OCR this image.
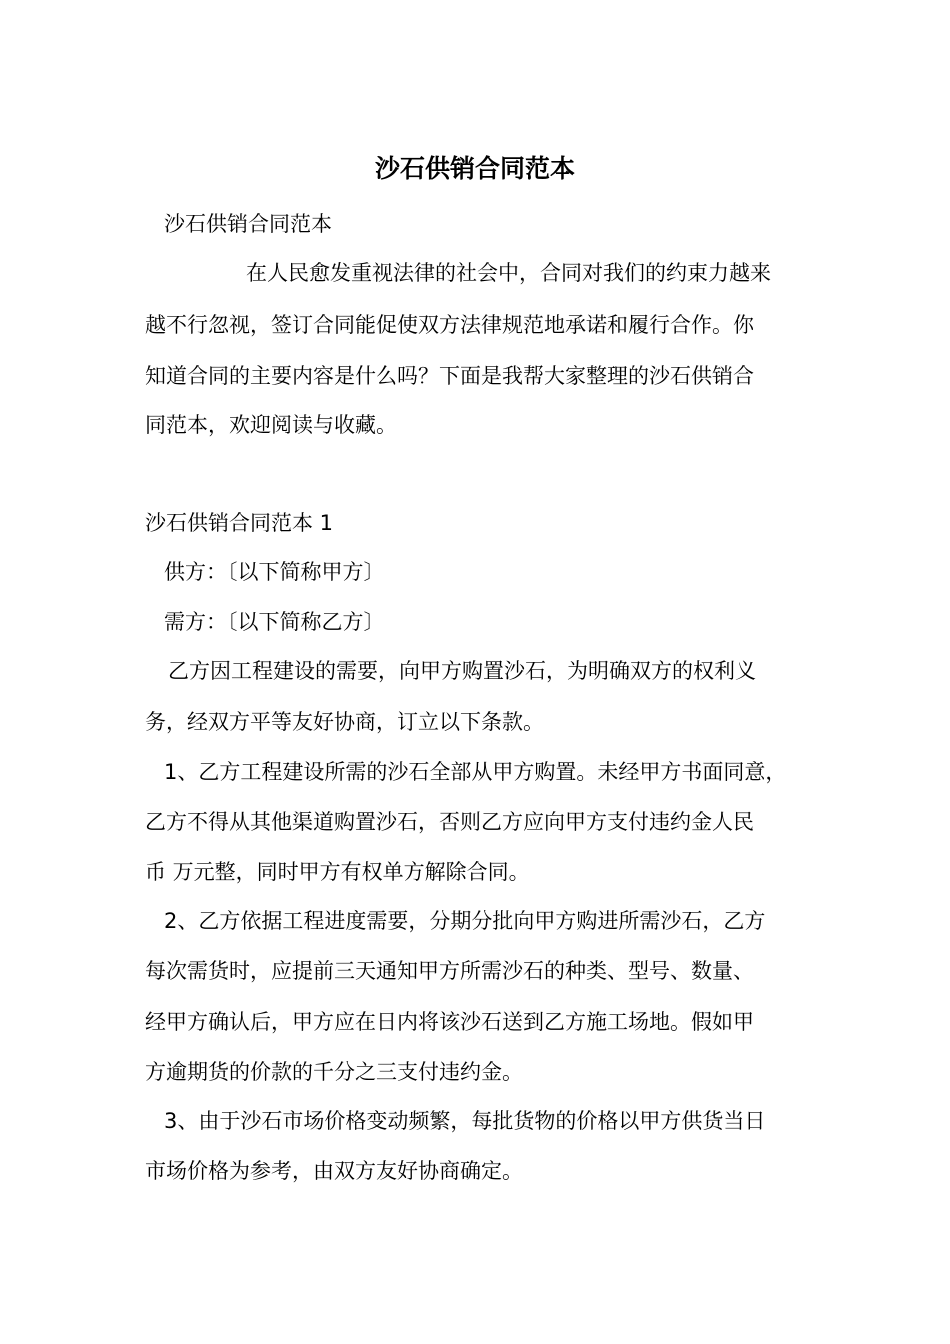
沙石供销合同范本
沙石供销合同范本
在人民愈发重视法律的社会中，合同对我们的约束力越来
越不行忽视，签订合同能促使双方法律规范地承诺和履行合作。你
知道合同的主要内容是什么吗？下面是我帮大家整理的沙石供销合
同范本，欢迎阅读与收藏。
沙石供销合同范本 1
供方：〔以下简称甲方〕
需方：〔以下简称乙方〕
乙方因工程建设的需要，向甲方购置沙石，为明确双方的权利义
务，经双方平等友好协商，订立以下条款。
1、乙方工程建设所需的沙石全部从甲方购置。未经甲方书面同意，
乙方不得从其他渠道购置沙石，否则乙方应向甲方支付违约金人民
币 万元整，同时甲方有权单方解除合同。
2、乙方依据工程进度需要，分期分批向甲方购进所需沙石，乙方
每次需货时，应提前三天通知甲方所需沙石的种类、型号、数量、
经甲方确认后，甲方应在日内将该沙石送到乙方施工场地。假如甲
方逾期货的价款的千分之三支付违约金。
3、由于沙石市场价格变动频繁，每批货物的价格以甲方供货当日
市场价格为参考，由双方友好协商确定。
